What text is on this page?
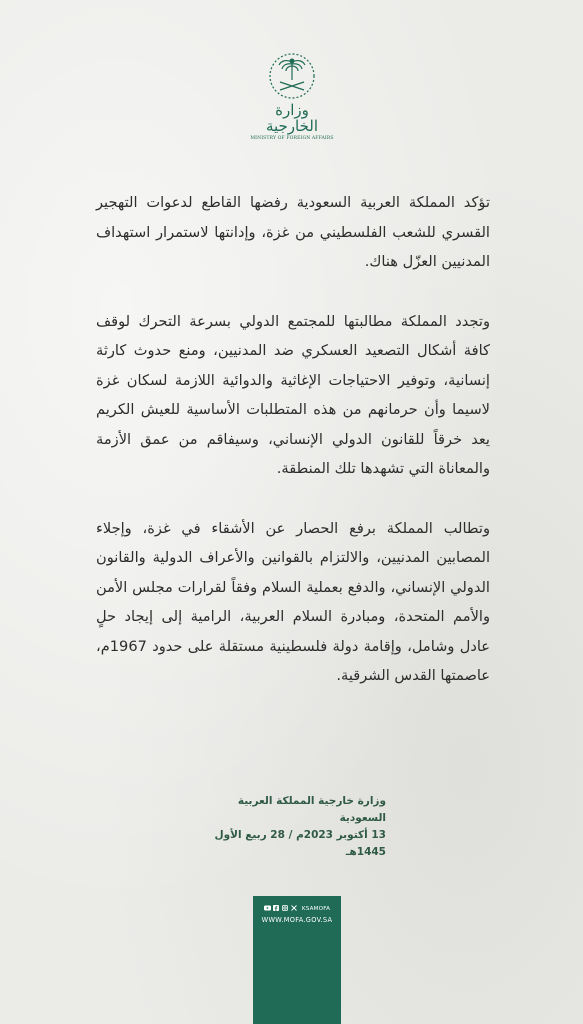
وزارة الخارجية
MINISTRY OF FOREIGN AFFAIRS

تؤكد المملكة العربية السعودية رفضها القاطع لدعوات التهجير القسري للشعب الفلسطيني من غزة، وإدانتها لاستمرار استهداف المدنيين العزّل هناك.

وتجدد المملكة مطالبتها للمجتمع الدولي بسرعة التحرك لوقف كافة أشكال التصعيد العسكري ضد المدنيين، ومنع حدوث كارثة إنسانية، وتوفير الاحتياجات الإغاثية والدوائية اللازمة لسكان غزة لاسيما وأن حرمانهم من هذه المتطلبات الأساسية للعيش الكريم يعد خرقاً للقانون الدولي الإنساني، وسيفاقم من عمق الأزمة والمعاناة التي تشهدها تلك المنطقة.

وتطالب المملكة برفع الحصار عن الأشقاء في غزة، وإجلاء المصابين المدنيين، والالتزام بالقوانين والأعراف الدولية والقانون الدولي الإنساني، والدفع بعملية السلام وفقاً لقرارات مجلس الأمن والأمم المتحدة، ومبادرة السلام العربية، الرامية إلى إيجاد حلٍ عادل وشامل، وإقامة دولة فلسطينية مستقلة على حدود 1967م، عاصمتها القدس الشرقية.

وزارة خارجية المملكة العربية السعودية
13 أكتوبر 2023م / 28 ربيع الأول 1445هـ
KSAMOFA
WWW.MOFA.GOV.SA
